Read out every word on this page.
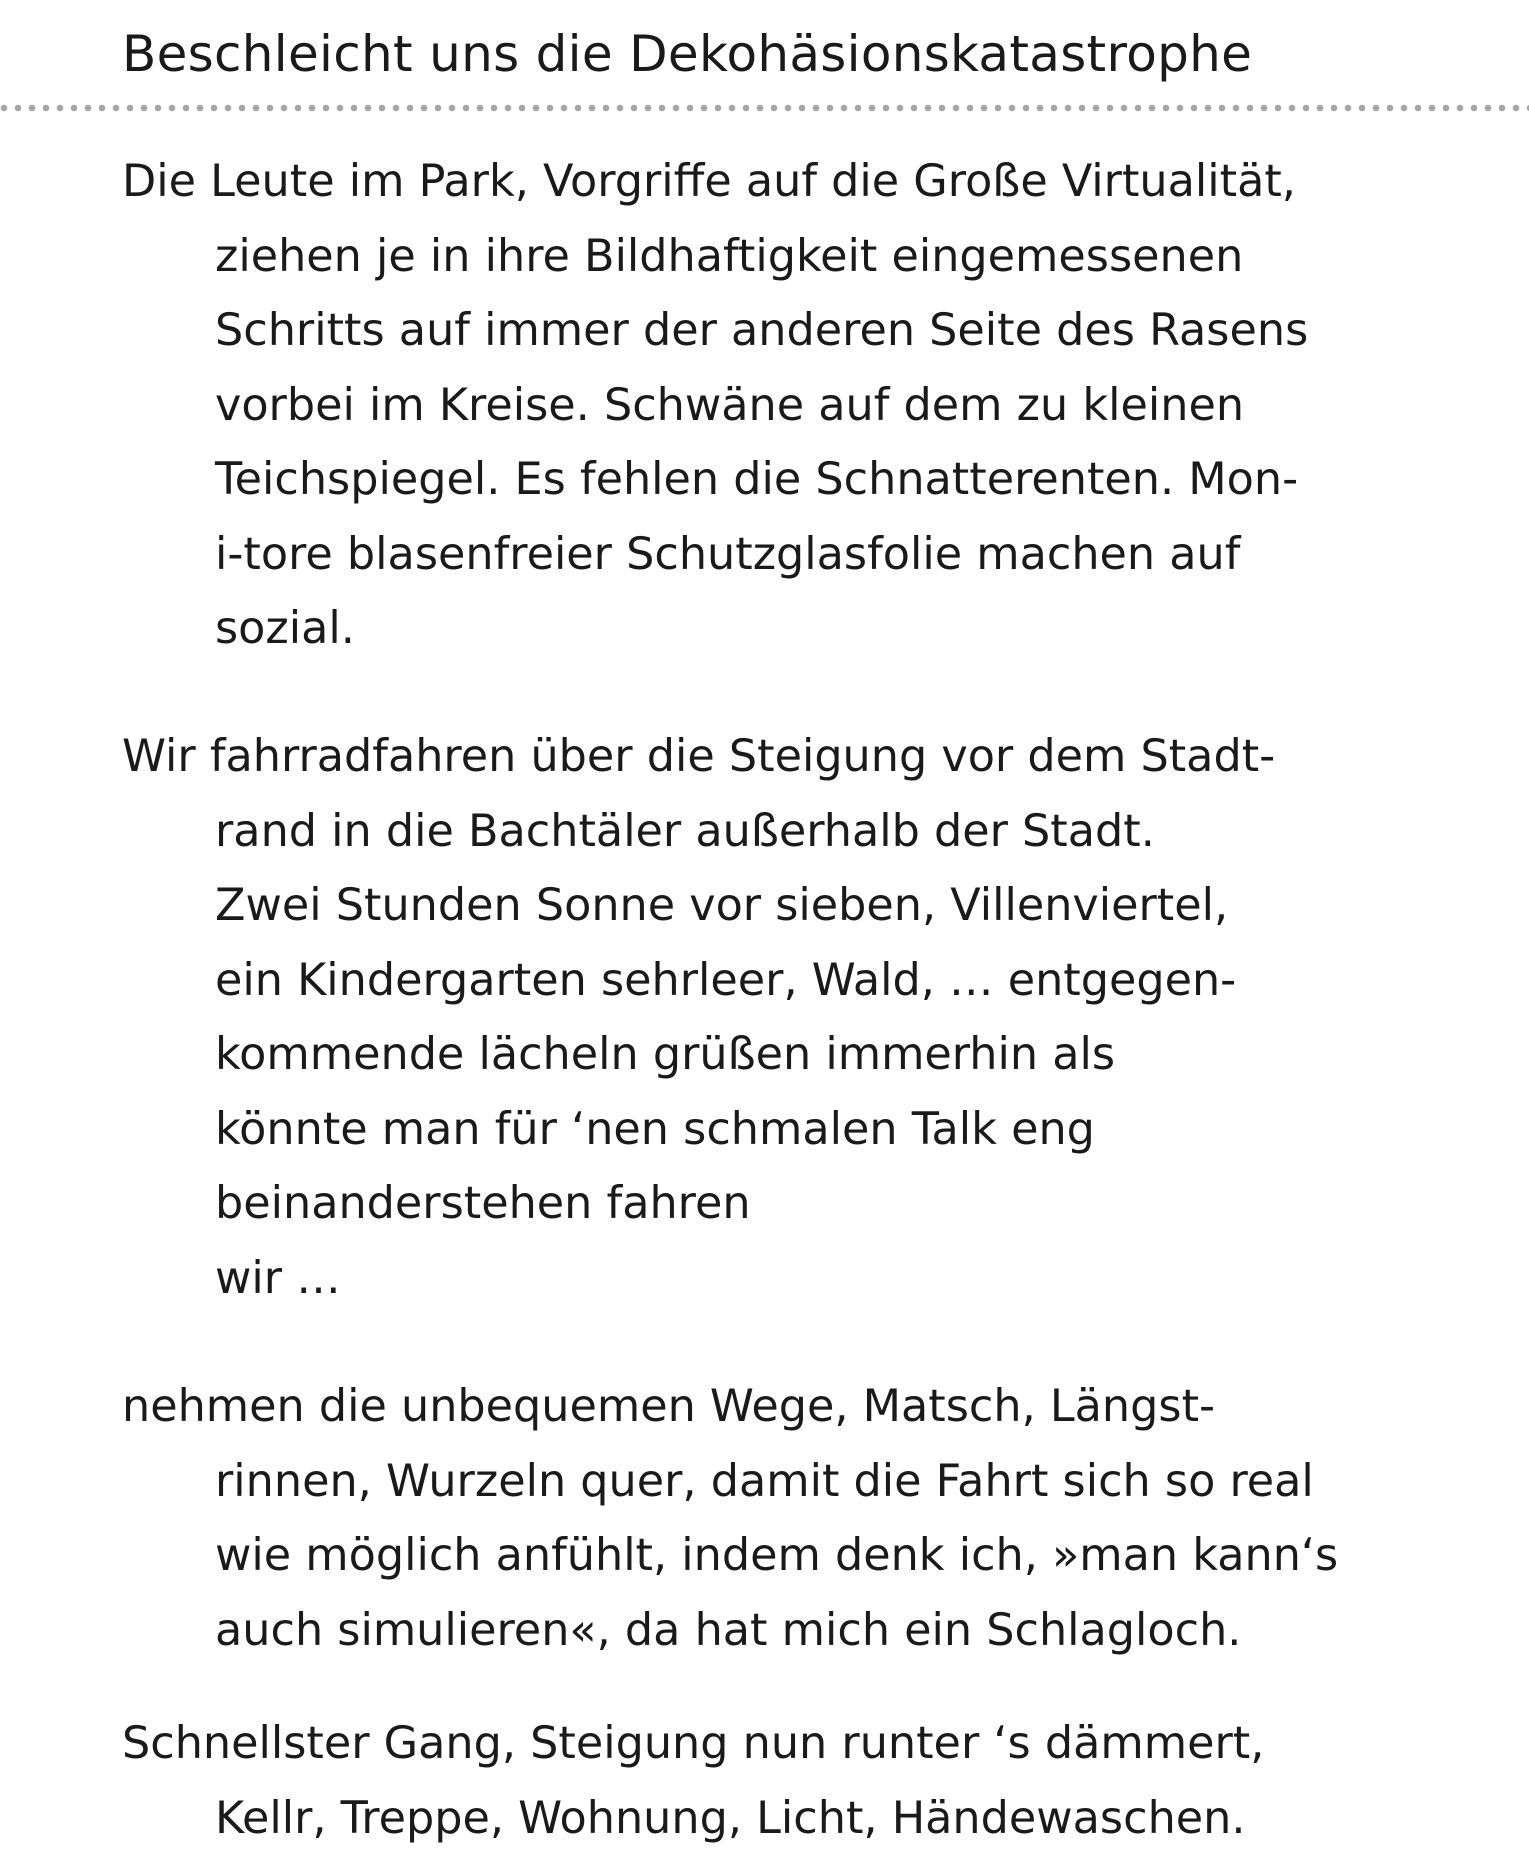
Beschleicht uns die Dekohäsionskatastrophe
Die Leute im Park, Vorgriffe auf die Große Virtualität,
ziehen je in ihre Bildhaftigkeit eingemessenen
Schritts auf immer der anderen Seite des Rasens
vorbei im Kreise. Schwäne auf dem zu kleinen
Teichspiegel. Es fehlen die Schnatterenten. Mon-
i-tore blasenfreier Schutzglasfolie machen auf
sozial.
Wir fahrradfahren über die Steigung vor dem Stadt-
rand in die Bachtäler außerhalb der Stadt.
Zwei Stunden Sonne vor sieben, Villenviertel,
ein Kindergarten sehrleer, Wald, … entgegen-
kommende lächeln grüßen immerhin als
könnte man für ‘nen schmalen Talk eng
beinanderstehen fahren
wir …
nehmen die unbequemen Wege, Matsch, Längst-
rinnen, Wurzeln quer, damit die Fahrt sich so real
wie möglich anfühlt, indem denk ich, »man kann‘s
auch simulieren«, da hat mich ein Schlagloch.
Schnellster Gang, Steigung nun runter ‘s dämmert,
Kellr, Treppe, Wohnung, Licht, Händewaschen.
